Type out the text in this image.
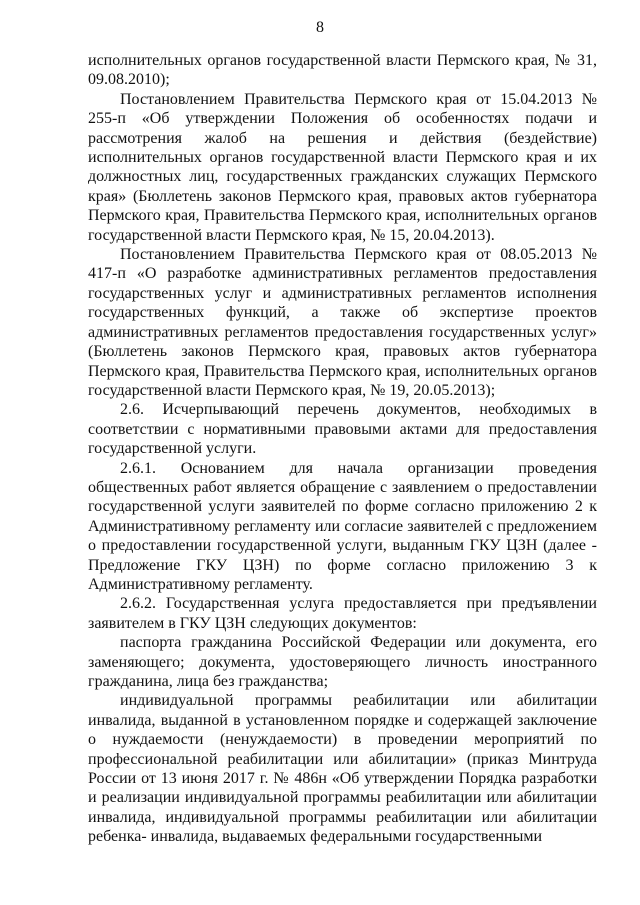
8

исполнительных органов государственной власти Пермского края, № 31, 09.08.2010);

Постановлением Правительства Пермского края от 15.04.2013 № 255-п «Об утверждении Положения об особенностях подачи и рассмотрения жалоб на решения и действия (бездействие) исполнительных органов государственной власти Пермского края и их должностных лиц, государственных гражданских служащих Пермского края» (Бюллетень законов Пермского края, правовых актов губернатора Пермского края, Правительства Пермского края, исполнительных органов государственной власти Пермского края, № 15, 20.04.2013).

Постановлением Правительства Пермского края от 08.05.2013 № 417-п «О разработке административных регламентов предоставления государственных услуг и административных регламентов исполнения государственных функций, а также об экспертизе проектов административных регламентов предоставления государственных услуг» (Бюллетень законов Пермского края, правовых актов губернатора Пермского края, Правительства Пермского края, исполнительных органов государственной власти Пермского края, № 19, 20.05.2013);

2.6. Исчерпывающий перечень документов, необходимых в соответствии с нормативными правовыми актами для предоставления государственной услуги.

2.6.1. Основанием для начала организации проведения общественных работ является обращение с заявлением о предоставлении государственной услуги заявителей по форме согласно приложению 2 к Административному регламенту или согласие заявителей с предложением о предоставлении государственной услуги, выданным ГКУ ЦЗН (далее - Предложение ГКУ ЦЗН) по форме согласно приложению 3 к Административному регламенту.

2.6.2. Государственная услуга предоставляется при предъявлении заявителем в ГКУ ЦЗН следующих документов:

паспорта гражданина Российской Федерации или документа, его заменяющего; документа, удостоверяющего личность иностранного гражданина, лица без гражданства;

индивидуальной программы реабилитации или абилитации инвалида, выданной в установленном порядке и содержащей заключение о нуждаемости (ненуждаемости) в проведении мероприятий по профессиональной реабилитации или абилитации» (приказ Минтруда России от 13 июня 2017 г. № 486н «Об утверждении Порядка разработки и реализации индивидуальной программы реабилитации или абилитации инвалида, индивидуальной программы реабилитации или абилитации ребенка- инвалида, выдаваемых федеральными государственными
